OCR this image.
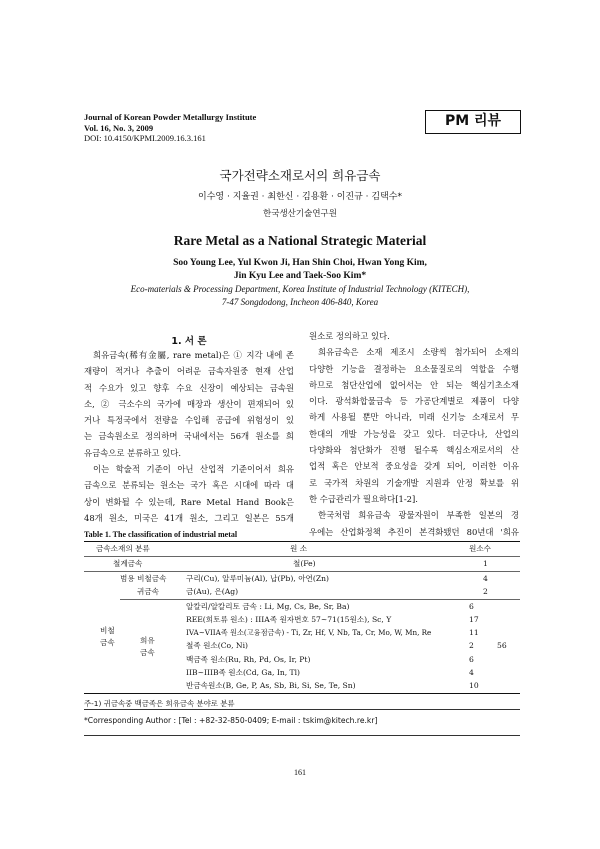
Journal of Korean Powder Metallurgy Institute
Vol. 16, No. 3, 2009
DOI: 10.4150/KPMI.2009.16.3.161
PM 리뷰
국가전략소재로서의 희유금속
이수영 · 지율권 · 최한신 · 김용환 · 이진규 · 김택수*
한국생산기술연구원
Rare Metal as a National Strategic Material
Soo Young Lee, Yul Kwon Ji, Han Shin Choi, Hwan Yong Kim,
Jin Kyu Lee and Taek-Soo Kim*
Eco-materials & Processing Department, Korea Institute of Industrial Technology (KITECH),
7-47 Songdodong, Incheon 406-840, Korea
1. 서 론

희유금속(稀有金屬, rare metal)은 ① 지각 내에 존

재량이 적거나 추출이 어려운 금속자원중 현재 산업

적 수요가 있고 향후 수요 신장이 예상되는 금속원

소, ② 극소수의 국가에 매장과 생산이 편재되어 있

거나 특정국에서 전량을 수입해 공급에 위험성이 있

는 금속원소로 정의하며 국내에서는 56개 원소를 희

유금속으로 분류하고 있다.

이는 학술적 기준이 아닌 산업적 기준이어서 희유

금속으로 분류되는 원소는 국가 혹은 시대에 따라 대

상이 변화될 수 있는데, Rare Metal Hand Book은

48개 원소, 미국은 41개 원소, 그리고 일본은 55개

원소로 정의하고 있다.

희유금속은 소재 제조시 소량씩 첨가되어 소재의

다양한 기능을 결정하는 요소물질로의 역할을 수행

하므로 첨단산업에 없어서는 안 되는 핵심기초소재

이다. 광석화합물금속 등 가공단계별로 제품이 다양

하게 사용될 뿐만 아니라, 미래 신기능 소재로서 무

한대의 개발 가능성을 갖고 있다. 더군다나, 산업의

다양화와 첨단화가 진행 될수록 핵심소재로서의 산

업적 혹은 안보적 중요성을 갖게 되어, 이러한 이유

로 국가적 차원의 기술개발 지원과 안정 확보를 위

한 수급관리가 필요하다[1-2].

한국처럼 희유금속 광물자원이 부족한 일본의 경

우에는 산업화정책 추진이 본격화됐던 80년대 '희유

Table 1. The classification of industrial metal
금속소재의 분류	원 소	원소수
철계금속	철(Fe)	1
범용 비철금속	구리(Cu), 알루미늄(Al), 납(Pb), 아연(Zn)	4
귀금속	금(Au), 은(Ag)	2
비철
금속	희유
금속
알칼리/알칼리토 금속 : Li, Mg, Cs, Be, Sr, Ba)	6
REE(희토류 원소) : IIIA족 원자번호 57~71(15원소), Sc, Y	17
IVA~VIIA족 원소(고융점금속) - Ti, Zr, Hf, V, Nb, Ta, Cr, Mo, W, Mn, Re	11
철족 원소(Co, Ni)	2
백금족 원소(Ru, Rh, Pd, Os, Ir, Pt)	6
IIB~IIIB족 원소(Cd, Ga, In, Tl)	4
반금속원소(B, Ge, P, As, Sb, Bi, Si, Se, Te, Sn)	10
56
주-1) 귀금속중 백금족은 희유금속 분야로 분류
*Corresponding Author : [Tel : +82-32-850-0409; E-mail : tskim@kitech.re.kr]
161
